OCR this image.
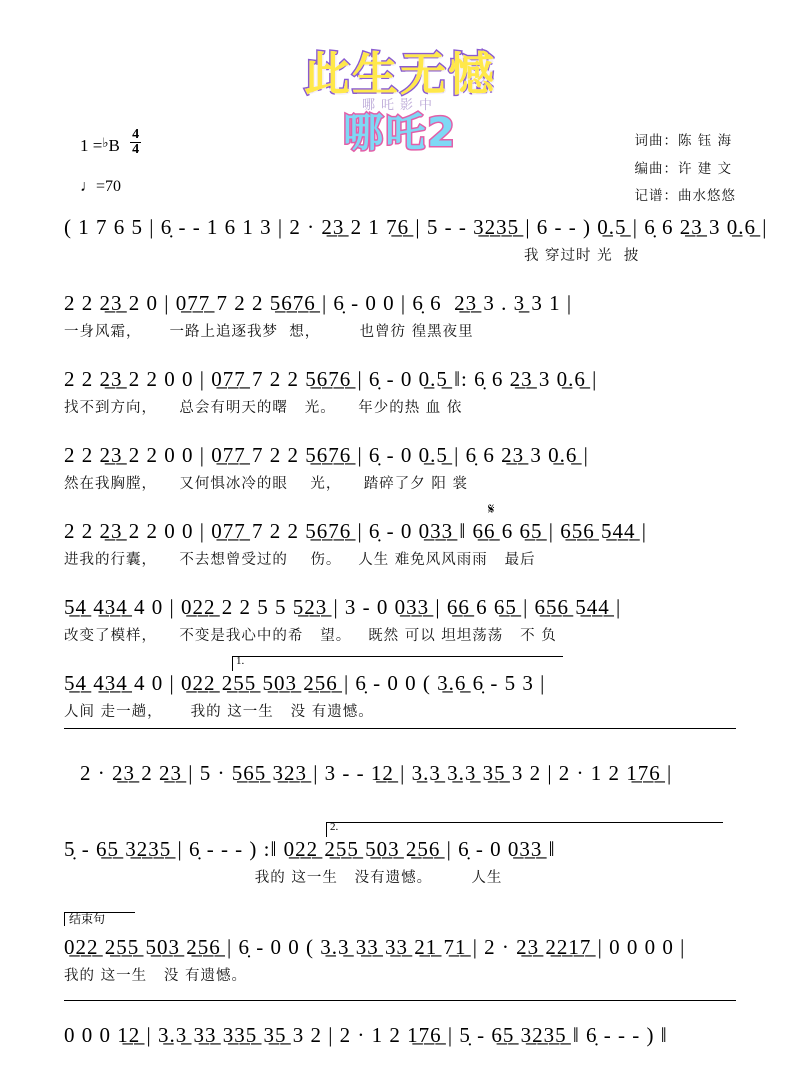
此生无憾
哪吒影中
哪吒2
$1 =^♭B \frac{4}{4}$
♩=70
词曲：陈 钰 海
编曲：许 建 文
记谱：曲水悠悠
( 1 7 6 5 | 6̣ - - 1 6 1 3 | 2 · 2̲3̲ 2 1 7̲6̲ | 5 - - 3̲2̲3̲5̲ | 6 - - ) 0̲.5̲ | 6̣ 6 2̲3̲ 3 0̲.6̲ |
我 穿过时 光  披
2 2 2̲3̲ 2 0 | 0̲7̲7̲ 7 2 2 5̲6̲7̲6̲ | 6̣ - 0 0 | 6̣ 6  2̲3̲ 3 . 3̲ 3 1 |
一身风霜，     一路上追逐我梦  想，       也曾彷 徨黑夜里
2 2 2̲3̲ 2 2 0 0 | 0̲7̲7̲ 7 2 2 5̲6̲7̲6̲ | 6̣ - 0 0̲.5̲ ‖: 6̣ 6 2̲3̲ 3 0̲.6̲ |
找不到方向，    总会有明天的曙   光。    年少的热 血 依
2 2 2̲3̲ 2 2 0 0 | 0̲7̲7̲ 7 2 2 5̲6̲7̲6̲ | 6̣ - 0 0̲.5̲ | 6̣ 6 2̲3̲ 3 0̲.6̲ |
然在我胸膛，    又何惧冰冷的眼    光，    踏碎了夕 阳 裳
𝄋
2 2 2̲3̲ 2 2 0 0 | 0̲7̲7̲ 7 2 2 5̲6̲7̲6̲ | 6̣ - 0 0̲3̲3̲ ‖ 6̲6̲ 6 6̲5̲ | 6̲5̲6̲ 5̲4̲4̲ |
进我的行囊，    不去想曾受过的    伤。   人生 难免风风雨雨   最后
5̲4̲ 4̲3̲4̲ 4 0 | 0̲2̲2̲ 2 2 5 5 5̲2̲3̲ | 3 - 0 0̲3̲3̲ | 6̲6̲ 6 6̲5̲ | 6̲5̲6̲ 5̲4̲4̲ |
改变了模样，    不变是我心中的希   望。   既然 可以 坦坦荡荡   不 负
1.
5̲4̲ 4̲3̲4̲ 4 0 | 0̲2̲2̲ 2̲5̲5̲ 5̲0̲3̲ 2̲5̲6̲ | 6̣ - 0 0 ( 3̲.6̲ 6̣ - 5 3 |
人间 走一趟，     我的 这一生   没 有遗憾。
2 · 2̲3̲ 2 2̲3̲ | 5 · 5̲6̲5̲ 3̲2̲3̲ | 3 - - 1̲2̲ | 3̲.3̲ 3̲.3̲ 3̲5̲ 3 2 | 2 · 1 2 1̲7̲6̲ |
2.
5̣ - 6̲5̲ 3̲2̲3̲5̲ | 6̣ - - - ) :‖ 0̲2̲2̲ 2̲5̲5̲ 5̲0̲3̲ 2̲5̲6̲ | 6̣ - 0 0̲3̲3̲ ‖
我的 这一生   没有遗憾。       人生
结束句
0̲2̲2̲ 2̲5̲5̲ 5̲0̲3̲ 2̲5̲6̲ | 6̣ - 0 0 ( 3̲.3̲ 3̲3̲ 3̲3̲ 2̲1̲ 7̲1̲ | 2 · 2̲3̲ 2̲2̲1̲7̲ | 0 0 0 0 |
我的 这一生   没 有遗憾。
0 0 0 1̲2̲ | 3̲.3̲ 3̲3̲ 3̲3̲5̲ 3̲5̲ 3 2 | 2 · 1 2 1̲7̲6̲ | 5̣ - 6̲5̲ 3̲2̲3̲5̲ ‖ 6̣ - - - ) ‖
